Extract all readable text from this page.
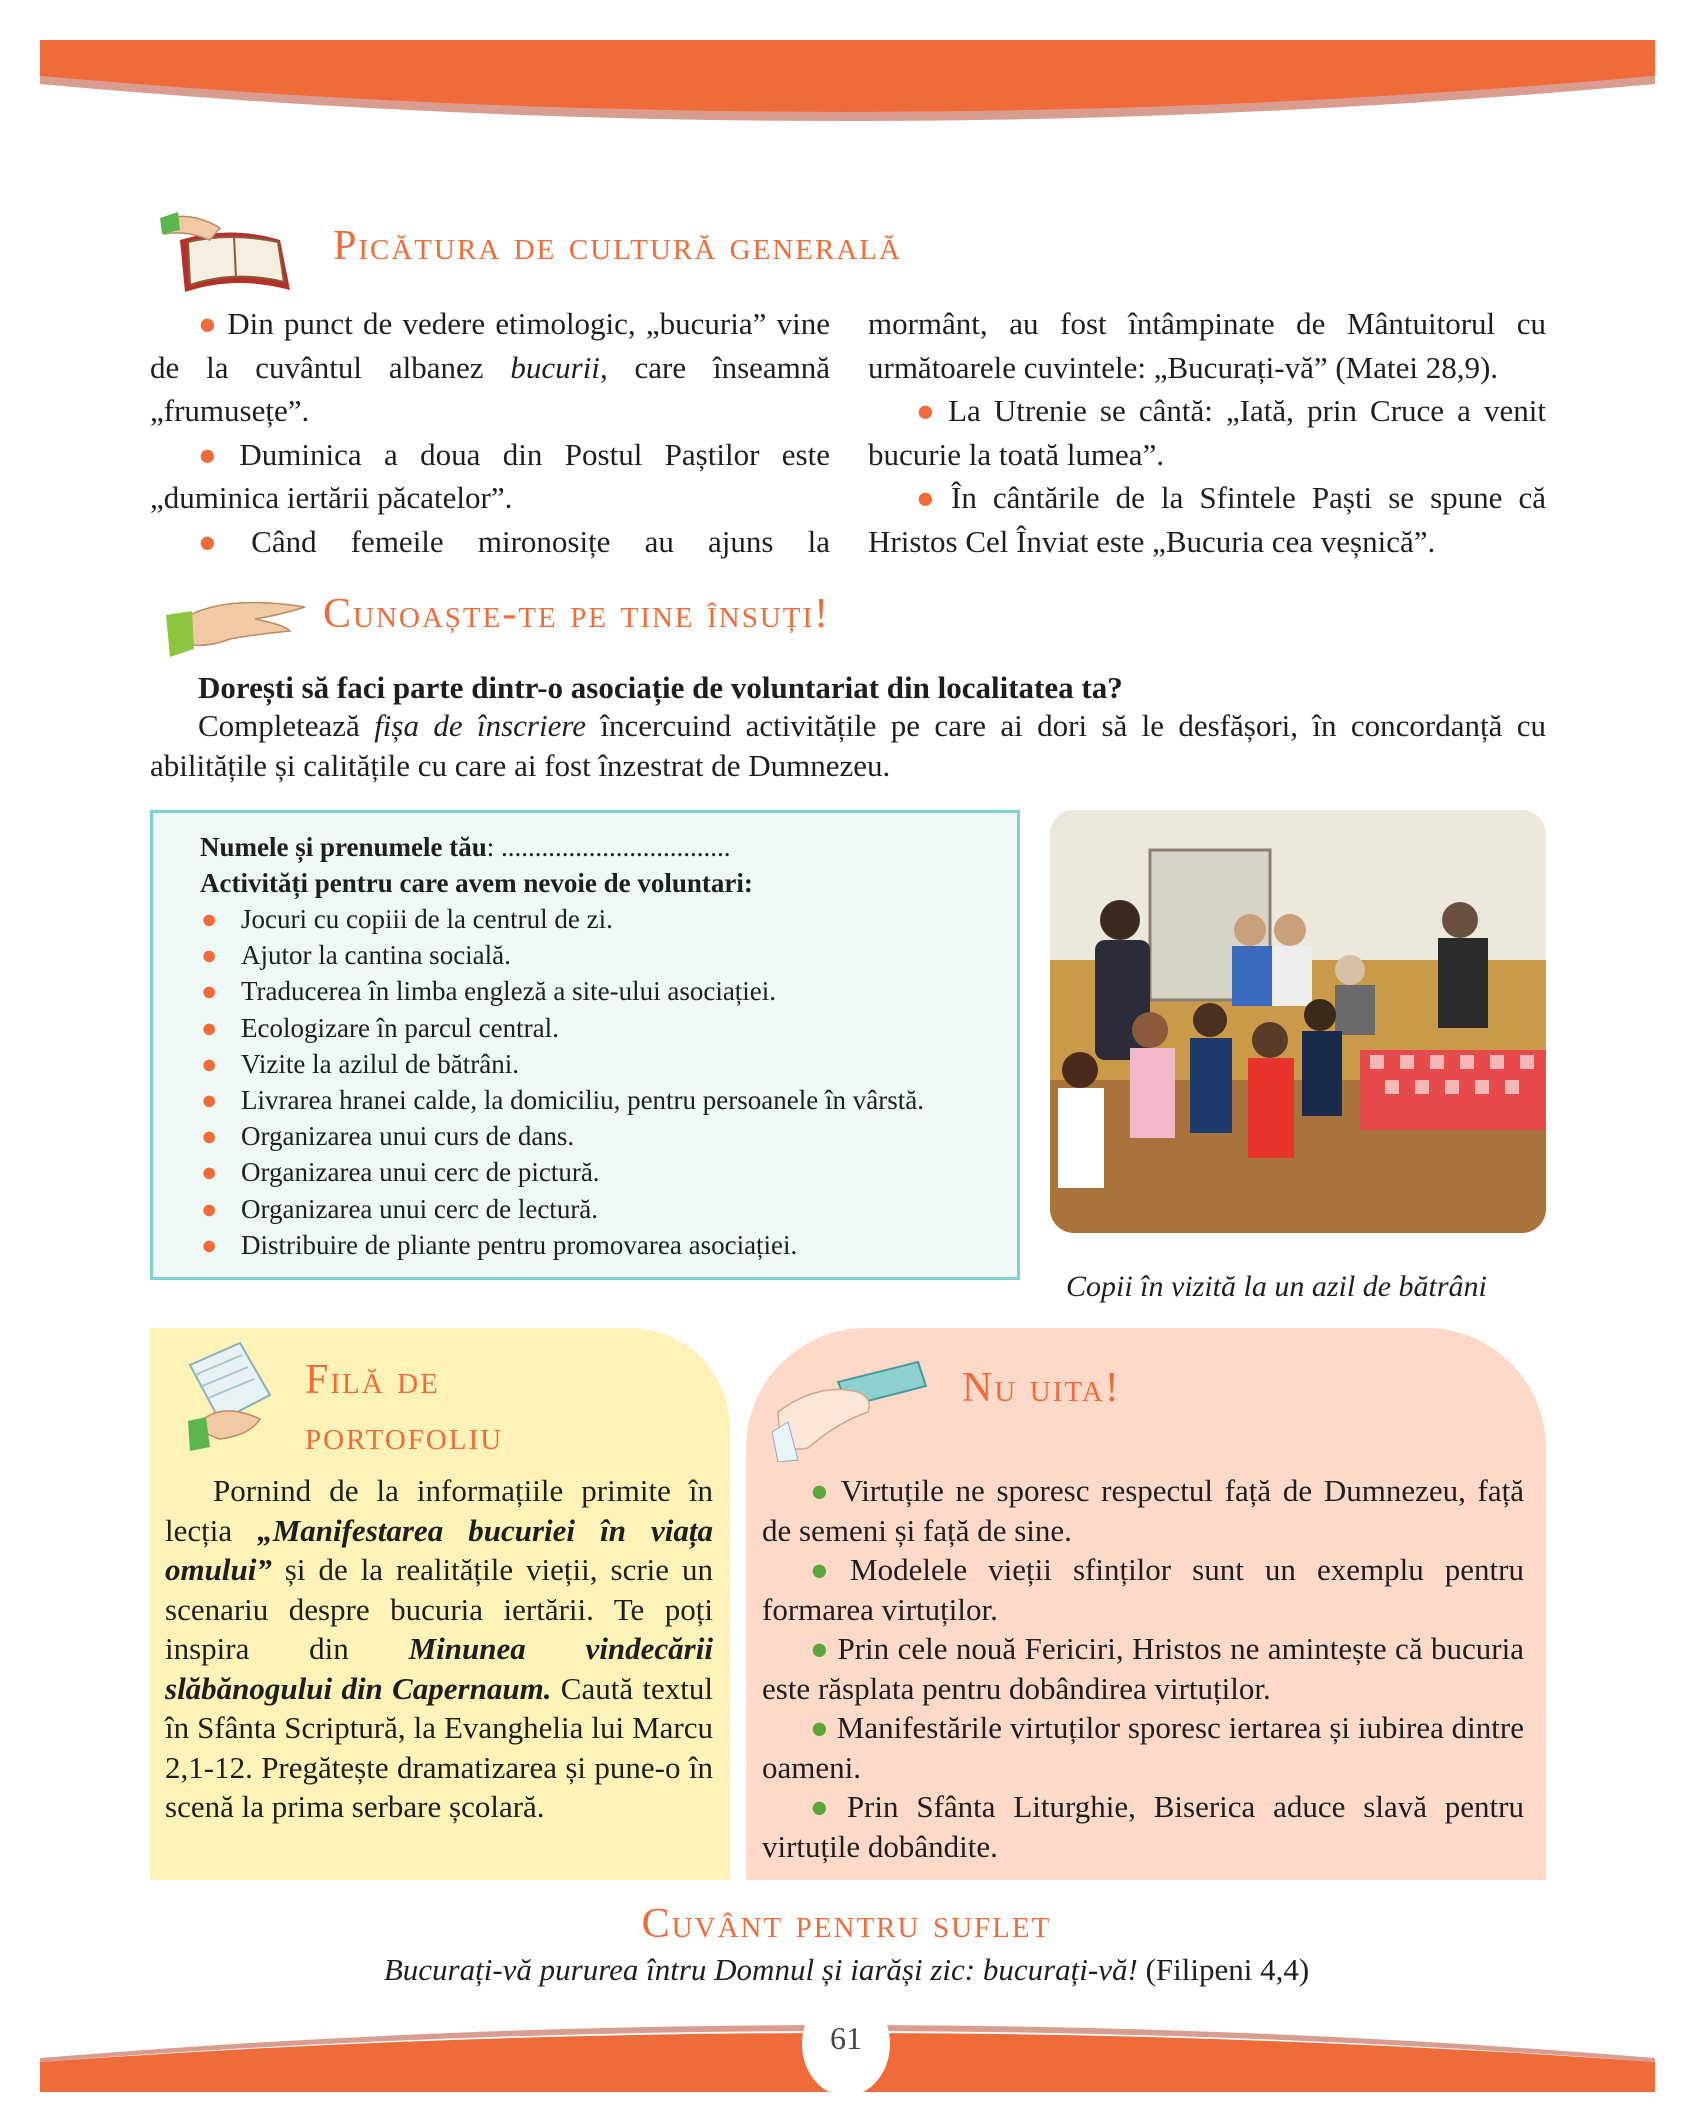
Picătura de cultură generală

● Din punct de vedere etimologic, „bucuria” vine de la cuvântul albanez bucurii, care înseamnă „frumusețe”.

● Duminica a doua din Postul Paștilor este „duminica iertării păcatelor”.

● Când femeile mironosițe au ajuns la

mormânt, au fost întâmpinate de Mântuitorul cu următoarele cuvintele: „Bucurați-vă” (Matei 28,9).

● La Utrenie se cântă: „Iată, prin Cruce a venit bucurie la toată lumea”.

● În cântările de la Sfintele Paști se spune că Hristos Cel Înviat este „Bucuria cea veșnică”.

Cunoaște-te pe tine însuți!
Dorești să faci parte dintr-o asociație de voluntariat din localitatea ta?

Completează fișa de înscriere încercuind activitățile pe care ai dori să le desfășori, în concordanță cu abilitățile și calitățile cu care ai fost înzestrat de Dumnezeu.

Numele și prenumele tău: ..................................
Activități pentru care avem nevoie de voluntari:
● Jocuri cu copiii de la centrul de zi.
● Ajutor la cantina socială.
● Traducerea în limba engleză a site-ului asociației.
● Ecologizare în parcul central.
● Vizite la azilul de bătrâni.
● Livrarea hranei calde, la domiciliu, pentru persoanele în vârstă.
● Organizarea unui curs de dans.
● Organizarea unui cerc de pictură.
● Organizarea unui cerc de lectură.
● Distribuire de pliante pentru promovarea asociației.
Copii în vizită la un azil de bătrâni
Filă de
portofoliu

Pornind de la informațiile primite în lecția „Manifestarea bucuriei în viața omului” și de la realitățile vieții, scrie un scenariu despre bucuria iertării. Te poți inspira din Minunea vindecării slăbănogului din Capernaum. Caută textul în Sfânta Scriptură, la Evanghelia lui Marcu 2,1-12. Pregătește dramatizarea și pune-o în scenă la prima serbare școlară.

Nu uita!

● Virtuțile ne sporesc respectul față de Dumnezeu, față de semeni și față de sine.

● Modelele vieții sfinților sunt un exemplu pentru formarea virtuților.

● Prin cele nouă Fericiri, Hristos ne amintește că bucuria este răsplata pentru dobândirea virtuților.

● Manifestările virtuților sporesc iertarea și iubirea dintre oameni.

● Prin Sfânta Liturghie, Biserica aduce slavă pentru virtuțile dobândite.

Cuvânt pentru suflet
Bucurați-vă pururea întru Domnul și iarăși zic: bucurați-vă! (Filipeni 4,4)
61
